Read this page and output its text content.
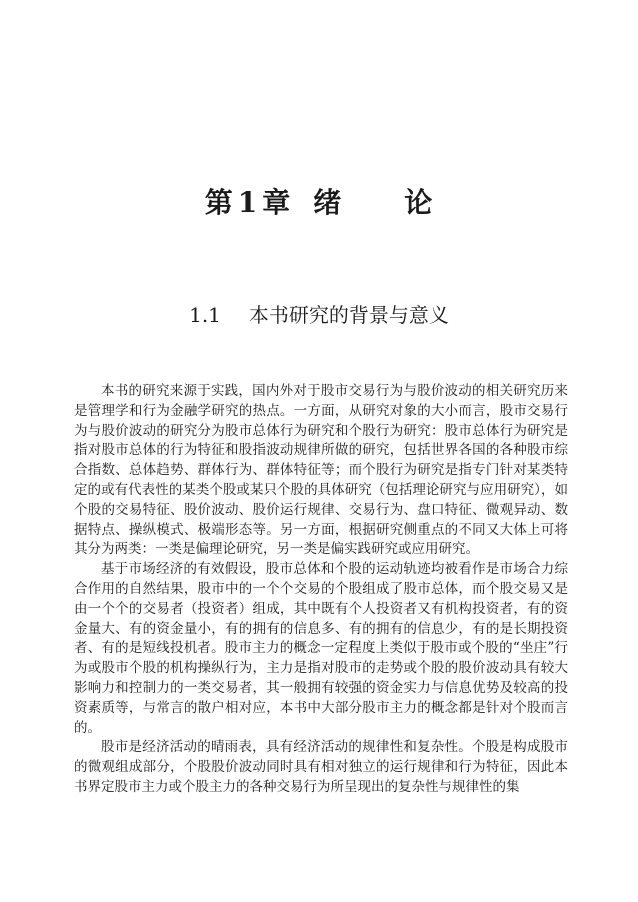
第 1 章 绪 论
1.1 本书研究的背景与意义

本书的研究来源于实践，国内外对于股市交易行为与股价波动的相关研究历来是管理学和行为金融学研究的热点。一方面，从研究对象的大小而言，股市交易行为与股价波动的研究分为股市总体行为研究和个股行为研究：股市总体行为研究是指对股市总体的行为特征和股指波动规律所做的研究，包括世界各国的各种股市综合指数、总体趋势、群体行为、群体特征等；而个股行为研究是指专门针对某类特定的或有代表性的某类个股或某只个股的具体研究（包括理论研究与应用研究），如个股的交易特征、股价波动、股价运行规律、交易行为、盘口特征、微观异动、数据特点、操纵模式、极端形态等。另一方面，根据研究侧重点的不同又大体上可将其分为两类：一类是偏理论研究，另一类是偏实践研究或应用研究。

基于市场经济的有效假设，股市总体和个股的运动轨迹均被看作是市场合力综合作用的自然结果，股市中的一个个交易的个股组成了股市总体，而个股交易又是由一个个的交易者（投资者）组成，其中既有个人投资者又有机构投资者，有的资金量大、有的资金量小，有的拥有的信息多、有的拥有的信息少，有的是长期投资者、有的是短线投机者。股市主力的概念一定程度上类似于股市或个股的“坐庄”行为或股市个股的机构操纵行为，主力是指对股市的走势或个股的股价波动具有较大影响力和控制力的一类交易者，其一般拥有较强的资金实力与信息优势及较高的投资素质等，与常言的散户相对应，本书中大部分股市主力的概念都是针对个股而言的。

股市是经济活动的晴雨表，具有经济活动的规律性和复杂性。个股是构成股市的微观组成部分，个股股价波动同时具有相对独立的运行规律和行为特征，因此本书界定股市主力或个股主力的各种交易行为所呈现出的复杂性与规律性的集
